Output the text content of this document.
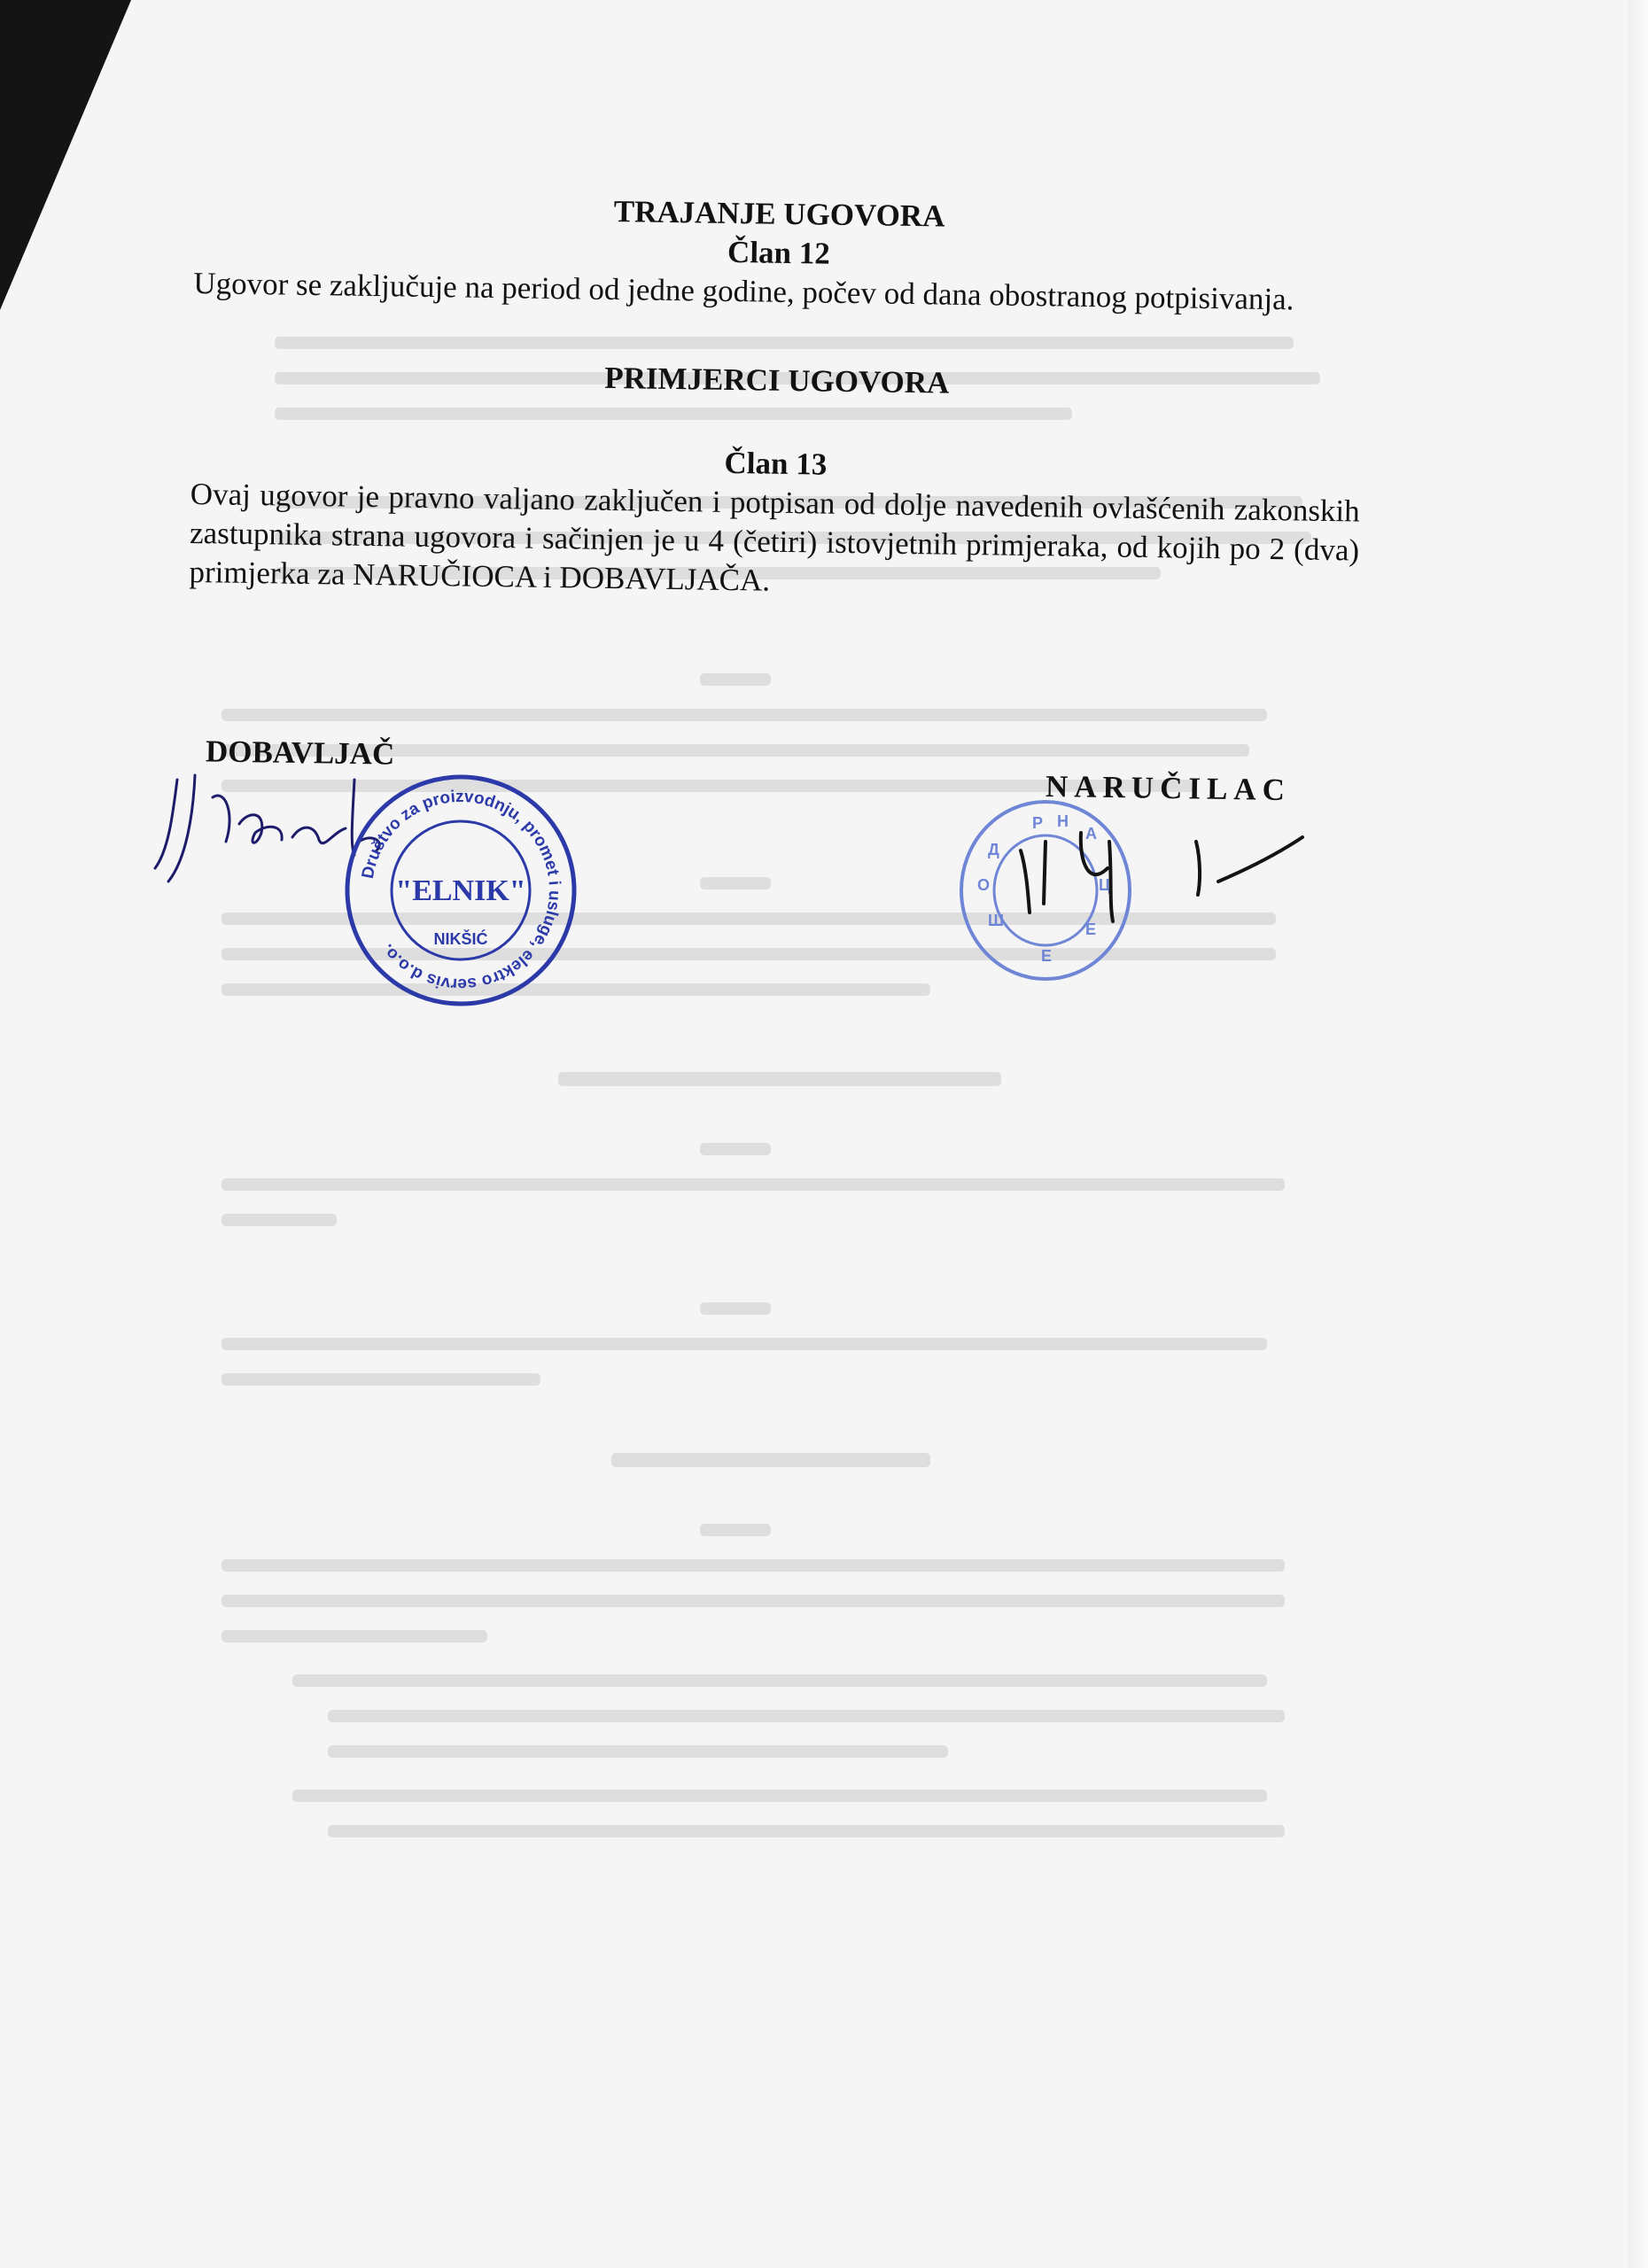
TRAJANJE UGOVORA
Član 12
Ugovor se zaključuje na period od jedne godine, počev od dana obostranog potpisivanja.
PRIMJERCI UGOVORA
Član 13
Ovaj ugovor je pravno valjano zaključen i potpisan od dolje navedenih ovlašćenih zakonskih zastupnika strana ugovora i sačinjen je u 4 (četiri) istovjetnih primjeraka, od kojih po 2 (dva) primjerka za NARUČIOCA i DOBAVLJAČA.
DOBAVLJAČ
NARUČILAC
Društvo za proizvodnju, promet i usluge, elektro servis d.o.o.
"ELNIK"
NIKŠIĆ
Р Н
А
Д
О
Ш
Ц
Е
Е
